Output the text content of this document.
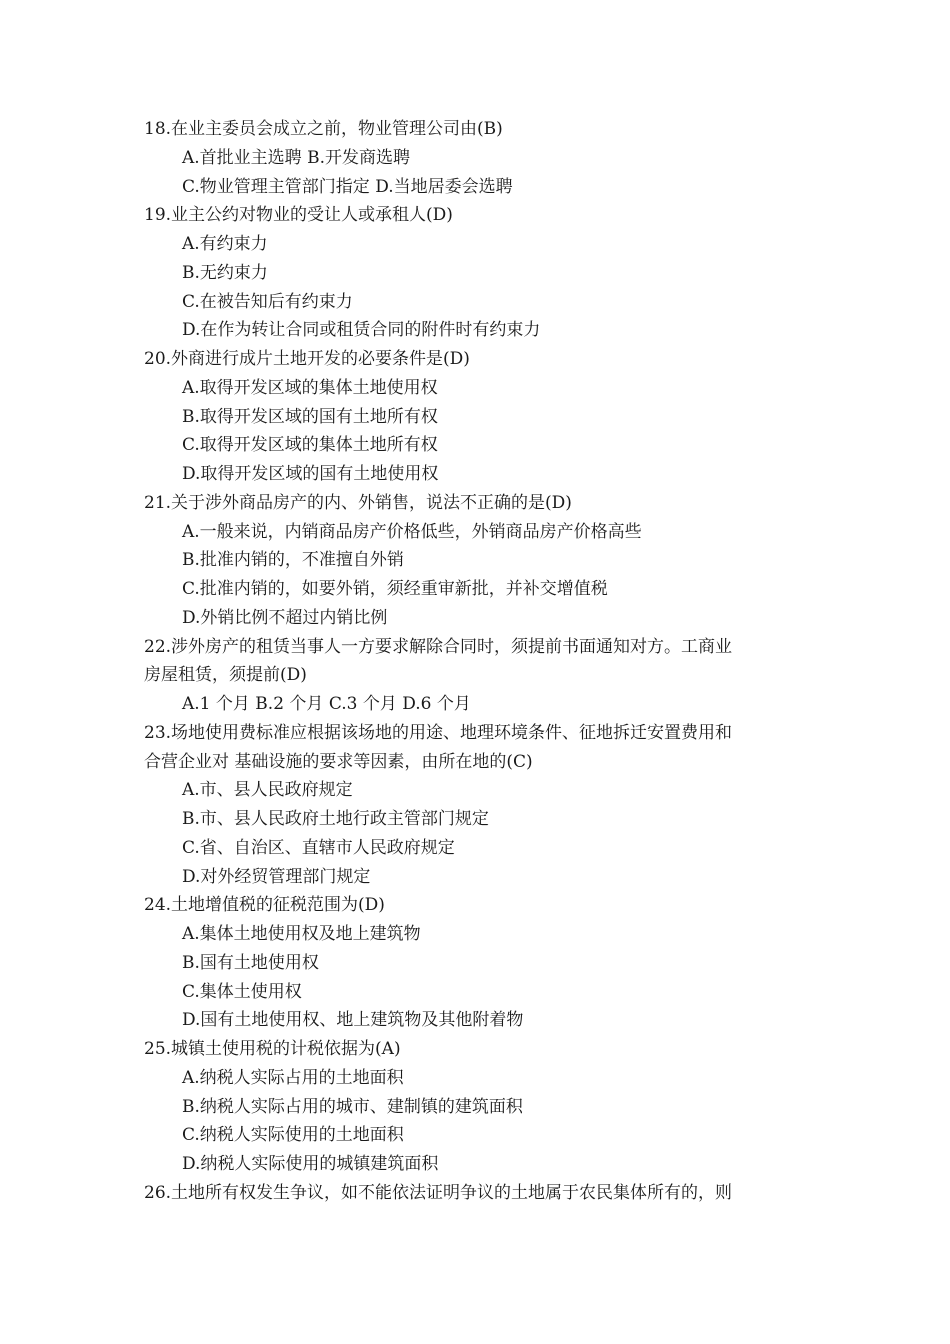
18.在业主委员会成立之前，物业管理公司由(B)
A.首批业主选聘 B.开发商选聘
C.物业管理主管部门指定 D.当地居委会选聘
19.业主公约对物业的受让人或承租人(D)
A.有约束力
B.无约束力
C.在被告知后有约束力
D.在作为转让合同或租赁合同的附件时有约束力
20.外商进行成片土地开发的必要条件是(D)
A.取得开发区域的集体土地使用权
B.取得开发区域的国有土地所有权
C.取得开发区域的集体土地所有权
D.取得开发区域的国有土地使用权
21.关于涉外商品房产的内、外销售，说法不正确的是(D)
A.一般来说，内销商品房产价格低些，外销商品房产价格高些
B.批准内销的，不准擅自外销
C.批准内销的，如要外销，须经重审新批，并补交增值税
D.外销比例不超过内销比例
22.涉外房产的租赁当事人一方要求解除合同时，须提前书面通知对方。工商业
房屋租赁，须提前(D)
A.1 个月 B.2 个月 C.3 个月 D.6 个月
23.场地使用费标准应根据该场地的用途、地理环境条件、征地拆迁安置费用和
合营企业对 基础设施的要求等因素，由所在地的(C)
A.市、县人民政府规定
B.市、县人民政府土地行政主管部门规定
C.省、自治区、直辖市人民政府规定
D.对外经贸管理部门规定
24.土地增值税的征税范围为(D)
A.集体土地使用权及地上建筑物
B.国有土地使用权
C.集体土使用权
D.国有土地使用权、地上建筑物及其他附着物
25.城镇土使用税的计税依据为(A)
A.纳税人实际占用的土地面积
B.纳税人实际占用的城市、建制镇的建筑面积
C.纳税人实际使用的土地面积
D.纳税人实际使用的城镇建筑面积
26.土地所有权发生争议，如不能依法证明争议的土地属于农民集体所有的，则
